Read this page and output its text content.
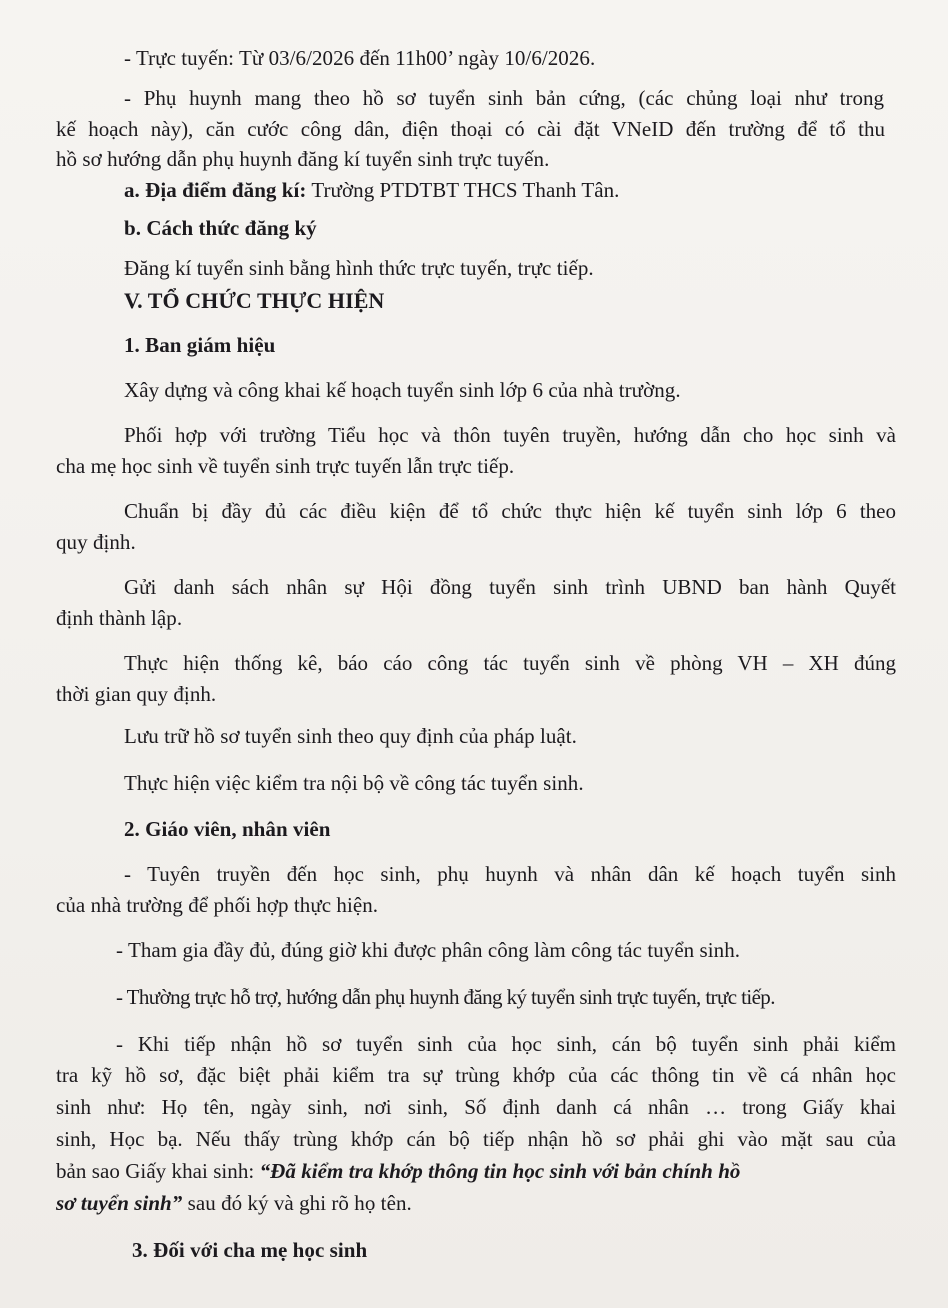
- Trực tuyến: Từ 03/6/2026 đến 11h00’ ngày 10/6/2026.
- Phụ huynh mang theo hồ sơ tuyển sinh bản cứng, (các chủng loại như trong
kế hoạch này), căn cước công dân, điện thoại có cài đặt VNeID đến trường để tổ thu
hồ sơ hướng dẫn phụ huynh đăng kí tuyển sinh trực tuyến.
a. Địa điểm đăng kí: Trường PTDTBT THCS Thanh Tân.
b. Cách thức đăng ký
Đăng kí tuyển sinh bằng hình thức trực tuyến, trực tiếp.
V. TỔ CHỨC THỰC HIỆN
1. Ban giám hiệu
Xây dựng và công khai kế hoạch tuyển sinh lớp 6 của nhà trường.
Phối hợp với trường Tiểu học và thôn tuyên truyền, hướng dẫn cho học sinh và
cha mẹ học sinh về tuyển sinh trực tuyến lẫn trực tiếp.
Chuẩn bị đầy đủ các điều kiện để tổ chức thực hiện kế tuyển sinh lớp 6 theo
quy định.
Gửi danh sách nhân sự Hội đồng tuyển sinh trình UBND ban hành Quyết
định thành lập.
Thực hiện thống kê, báo cáo công tác tuyển sinh về phòng VH – XH đúng
thời gian quy định.
Lưu trữ hồ sơ tuyển sinh theo quy định của pháp luật.
Thực hiện việc kiểm tra nội bộ về công tác tuyển sinh.
2. Giáo viên, nhân viên
- Tuyên truyền đến học sinh, phụ huynh và nhân dân kế hoạch tuyển sinh
của nhà trường để phối hợp thực hiện.
- Tham gia đầy đủ, đúng giờ khi được phân công làm công tác tuyển sinh.
- Thường trực hỗ trợ, hướng dẫn phụ huynh đăng ký tuyển sinh trực tuyến, trực tiếp.
- Khi tiếp nhận hồ sơ tuyển sinh của học sinh, cán bộ tuyển sinh phải kiểm
tra kỹ hồ sơ, đặc biệt phải kiểm tra sự trùng khớp của các thông tin về cá nhân học
sinh như: Họ tên, ngày sinh, nơi sinh, Số định danh cá nhân … trong Giấy khai
sinh, Học bạ. Nếu thấy trùng khớp cán bộ tiếp nhận hồ sơ phải ghi vào mặt sau của
bản sao Giấy khai sinh: “Đã kiểm tra khớp thông tin học sinh với bản chính hồ
sơ tuyển sinh” sau đó ký và ghi rõ họ tên.
3. Đối với cha mẹ học sinh
